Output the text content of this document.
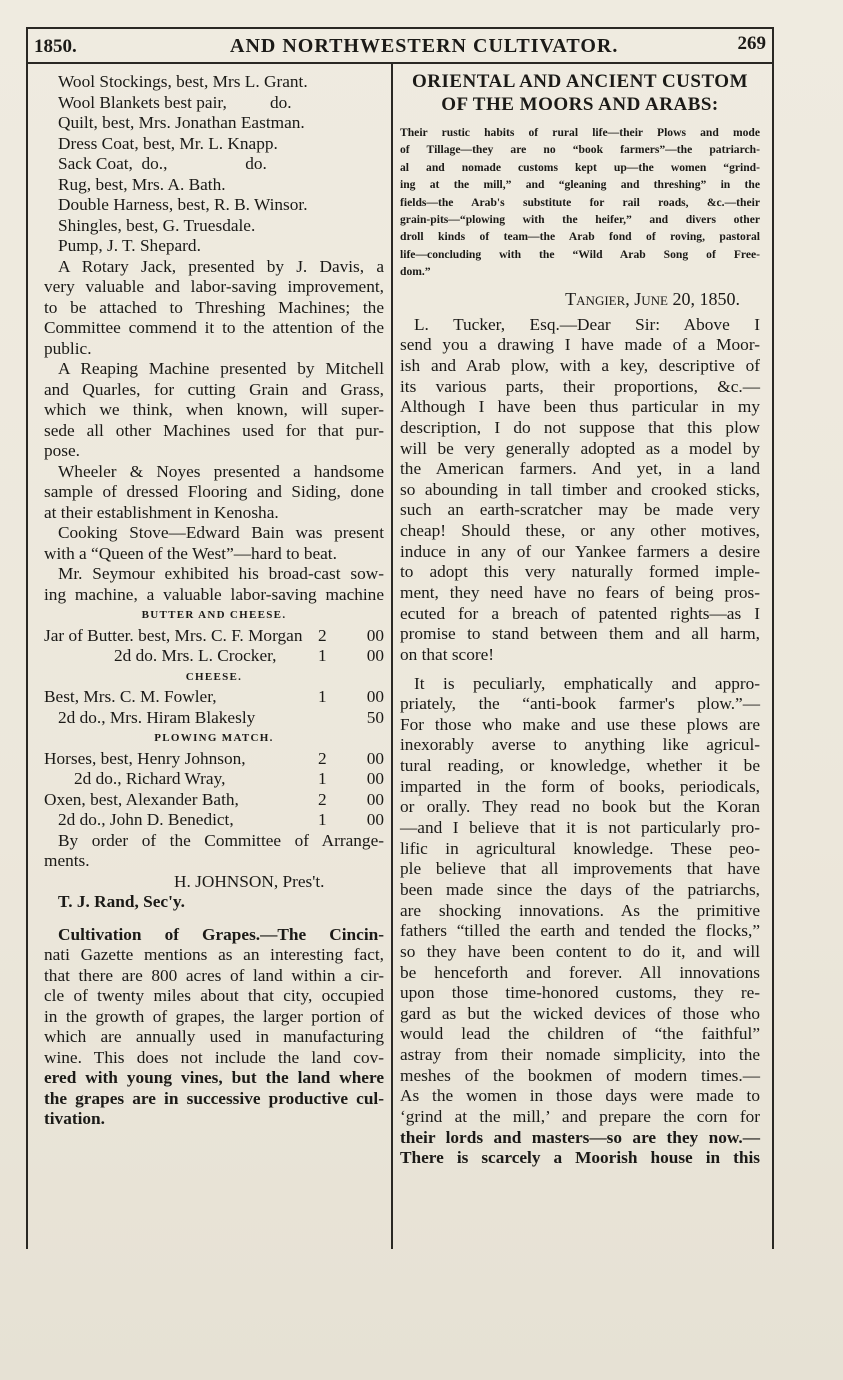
1850.	AND NORTHWESTERN CULTIVATOR.	269
Wool Stockings, best, Mrs L. Grant.
Wool Blankets best pair,          do.
Quilt, best, Mrs. Jonathan Eastman.
Dress Coat, best, Mr. L. Knapp.
Sack Coat,  do.,                  do.
Rug, best, Mrs. A. Bath.
Double Harness, best, R. B. Winsor.
Shingles, best, G. Truesdale.
Pump, J. T. Shepard.
A Rotary Jack, presented by J. Davis, a
very valuable and labor-saving improvement,
to be attached to Threshing Machines; the
Committee commend it to the attention of the
public.
A Reaping Machine presented by Mitchell
and Quarles, for cutting Grain and Grass,
which we think, when known, will super-
sede all other Machines used for that pur-
pose.
Wheeler & Noyes presented a handsome
sample of dressed Flooring and Siding, done
at their establishment in Kenosha.
Cooking Stove—Edward Bain was present
with a “Queen of the West”—hard to beat.
Mr. Seymour exhibited his broad-cast sow-
ing machine, a valuable labor-saving machine
BUTTER AND CHEESE.
Jar of Butter. best, Mrs. C. F. Morgan 2 00
2d do. Mrs. L. Crocker, 1 00
CHEESE.
Best, Mrs. C. M. Fowler,	1 00
2d do., Mrs. Hiram Blakesly	50
PLOWING MATCH.
Horses, best, Henry Johnson,	2 00
2d do., Richard Wray,	1 00
Oxen, best, Alexander Bath,	2 00
2d do., John D. Benedict,	1 00
By order of the Committee of Arrange-
ments.
H. JOHNSON, Pres't.
T. J. Rand, Sec'y.
Cultivation of Grapes.—The Cincin-
nati Gazette mentions as an interesting fact,
that there are 800 acres of land within a cir-
cle of twenty miles about that city, occupied
in the growth of grapes, the larger portion of
which are annually used in manufacturing
wine. This does not include the land cov-
ered with young vines, but the land where
the grapes are in successive productive cul-
tivation.
ORIENTAL AND ANCIENT CUSTOM
OF THE MOORS AND ARABS:
Their rustic habits of rural life—their Plows and mode
of Tillage—they are no “book farmers”—the patriarch-
al and nomade customs kept up—the women “grind-
ing at the mill,” and “gleaning and threshing” in the
fields—the Arab's substitute for rail roads, &c.—their
grain-pits—“plowing with the heifer,” and divers other
droll kinds of team—the Arab fond of roving, pastoral
life—concluding with the “Wild Arab Song of Free-
dom.”
Tangier, June 20, 1850.
L. Tucker, Esq.—Dear Sir: Above I
send you a drawing I have made of a Moor-
ish and Arab plow, with a key, descriptive of
its various parts, their proportions, &c.—
Although I have been thus particular in my
description, I do not suppose that this plow
will be very generally adopted as a model by
the American farmers. And yet, in a land
so abounding in tall timber and crooked sticks,
such an earth-scratcher may be made very
cheap! Should these, or any other motives,
induce in any of our Yankee farmers a desire
to adopt this very naturally formed imple-
ment, they need have no fears of being pros-
ecuted for a breach of patented rights—as I
promise to stand between them and all harm,
on that score!
It is peculiarly, emphatically and appro-
priately, the “anti-book farmer's plow.”—
For those who make and use these plows are
inexorably averse to anything like agricul-
tural reading, or knowledge, whether it be
imparted in the form of books, periodicals,
or orally. They read no book but the Koran
—and I believe that it is not particularly pro-
lific in agricultural knowledge. These peo-
ple believe that all improvements that have
been made since the days of the patriarchs,
are shocking innovations. As the primitive
fathers “tilled the earth and tended the flocks,”
so they have been content to do it, and will
be henceforth and forever. All innovations
upon those time-honored customs, they re-
gard as but the wicked devices of those who
would lead the children of “the faithful”
astray from their nomade simplicity, into the
meshes of the bookmen of modern times.—
As the women in those days were made to
‘grind at the mill,’ and prepare the corn for
their lords and masters—so are they now.—
There is scarcely a Moorish house in this
